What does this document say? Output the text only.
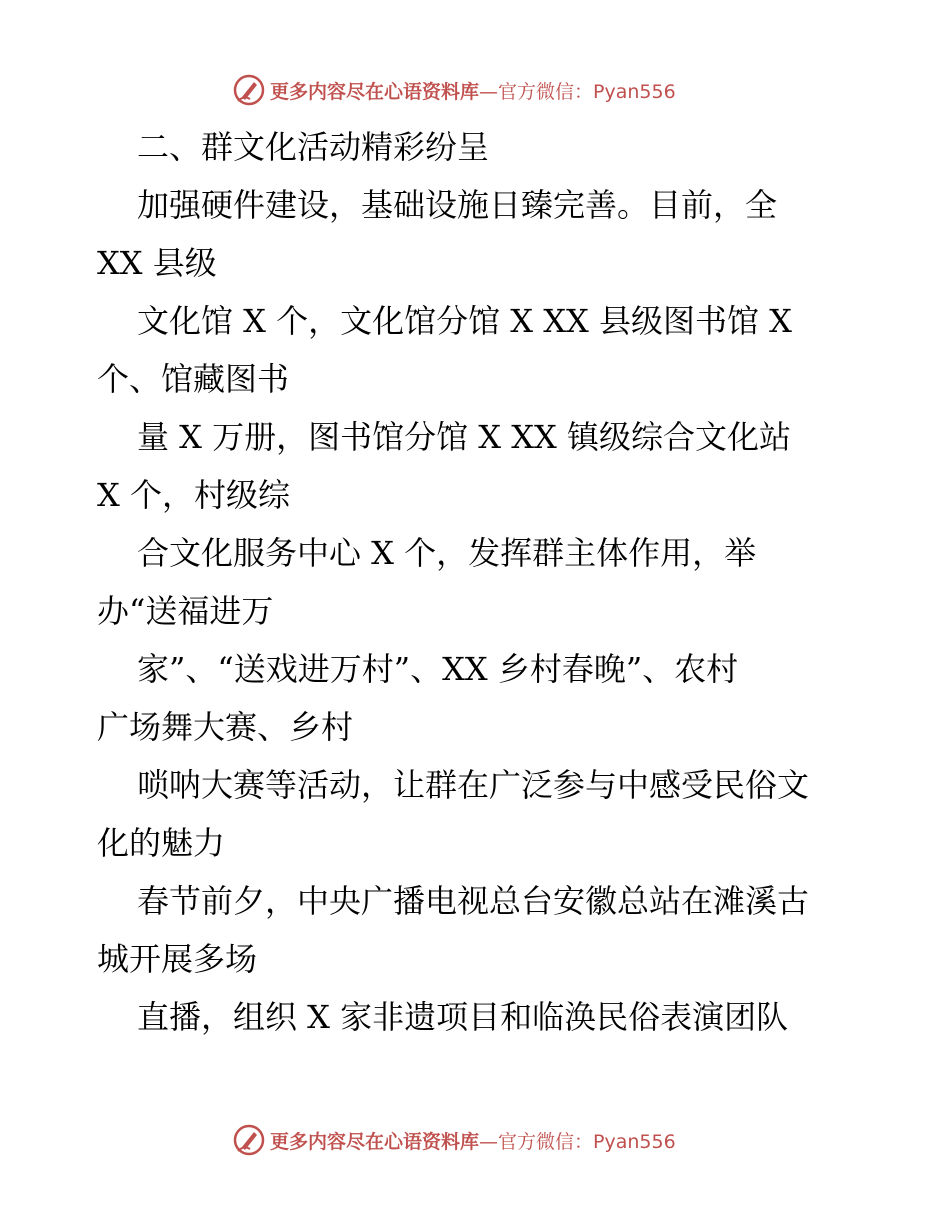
更多内容尽在心语资料库 —官方微信：Pyan556
二、群文化活动精彩纷呈
加强硬件建设，基础设施日臻完善。目前，全
XX 县级
文化馆 X 个，文化馆分馆 X XX 县级图书馆 X
个、馆藏图书
量 X 万册，图书馆分馆 X XX 镇级综合文化站
X 个，村级综
合文化服务中心 X 个，发挥群主体作用，举
办“送福进万
家”、“送戏进万村”、XX 乡村春晚”、农村
广场舞大赛、乡村
唢呐大赛等活动，让群在广泛参与中感受民俗文
化的魅力
春节前夕，中央广播电视总台安徽总站在滩溪古
城开展多场
直播，组织 X 家非遗项目和临涣民俗表演团队
更多内容尽在心语资料库 —官方微信：Pyan556
